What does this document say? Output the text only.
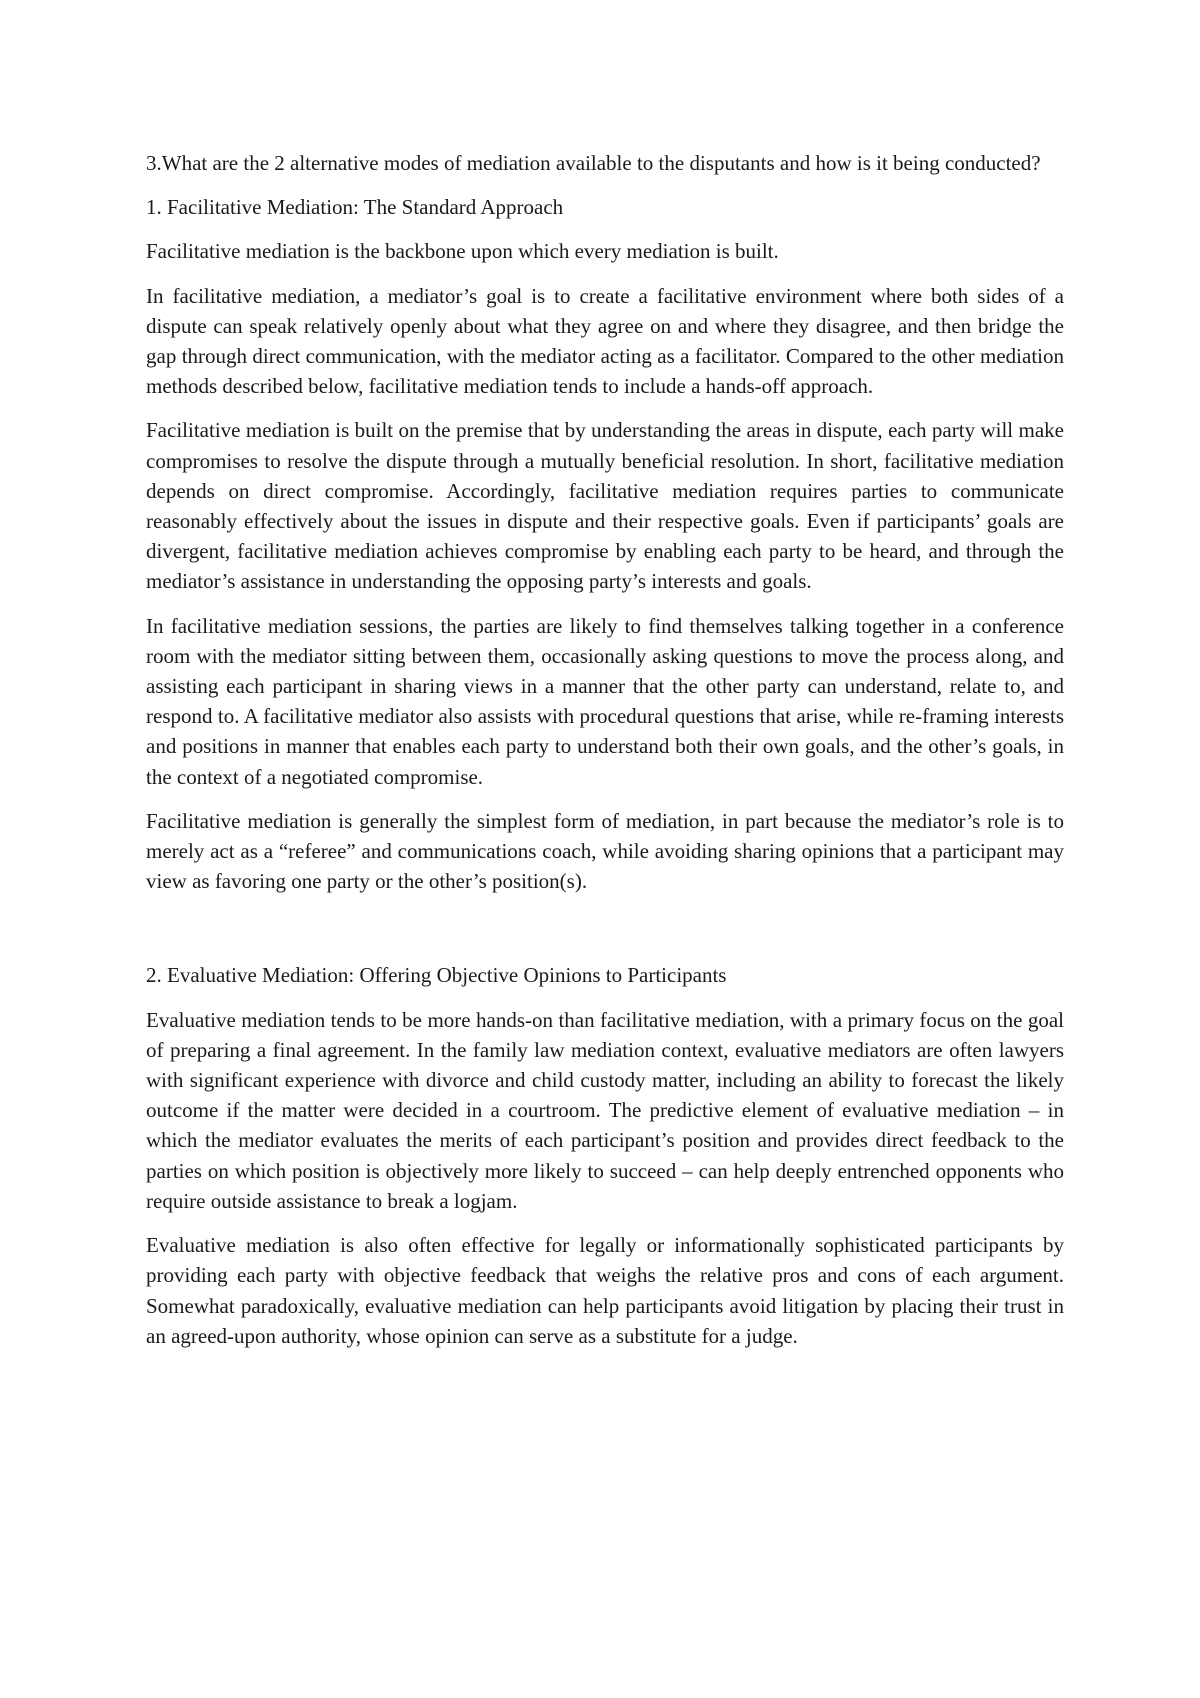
3.What are the 2 alternative modes of mediation available to the disputants and how is it being conducted?

1. Facilitative Mediation: The Standard Approach

Facilitative mediation is the backbone upon which every mediation is built.

In facilitative mediation, a mediator’s goal is to create a facilitative environment where both sides of a dispute can speak relatively openly about what they agree on and where they disagree, and then bridge the gap through direct communication, with the mediator acting as a facilitator. Compared to the other mediation methods described below, facilitative mediation tends to include a hands-off approach.

Facilitative mediation is built on the premise that by understanding the areas in dispute, each party will make compromises to resolve the dispute through a mutually beneficial resolution. In short, facilitative mediation depends on direct compromise. Accordingly, facilitative mediation requires parties to communicate reasonably effectively about the issues in dispute and their respective goals. Even if participants’ goals are divergent, facilitative mediation achieves compromise by enabling each party to be heard, and through the mediator’s assistance in understanding the opposing party’s interests and goals.

In facilitative mediation sessions, the parties are likely to find themselves talking together in a conference room with the mediator sitting between them, occasionally asking questions to move the process along, and assisting each participant in sharing views in a manner that the other party can understand, relate to, and respond to. A facilitative mediator also assists with procedural questions that arise, while re-framing interests and positions in manner that enables each party to understand both their own goals, and the other’s goals, in the context of a negotiated compromise.

Facilitative mediation is generally the simplest form of mediation, in part because the mediator’s role is to merely act as a “referee” and communications coach, while avoiding sharing opinions that a participant may view as favoring one party or the other’s position(s).

2. Evaluative Mediation: Offering Objective Opinions to Participants

Evaluative mediation tends to be more hands-on than facilitative mediation, with a primary focus on the goal of preparing a final agreement. In the family law mediation context, evaluative mediators are often lawyers with significant experience with divorce and child custody matter, including an ability to forecast the likely outcome if the matter were decided in a courtroom. The predictive element of evaluative mediation – in which the mediator evaluates the merits of each participant’s position and provides direct feedback to the parties on which position is objectively more likely to succeed – can help deeply entrenched opponents who require outside assistance to break a logjam.

Evaluative mediation is also often effective for legally or informationally sophisticated participants by providing each party with objective feedback that weighs the relative pros and cons of each argument. Somewhat paradoxically, evaluative mediation can help participants avoid litigation by placing their trust in an agreed-upon authority, whose opinion can serve as a substitute for a judge.
